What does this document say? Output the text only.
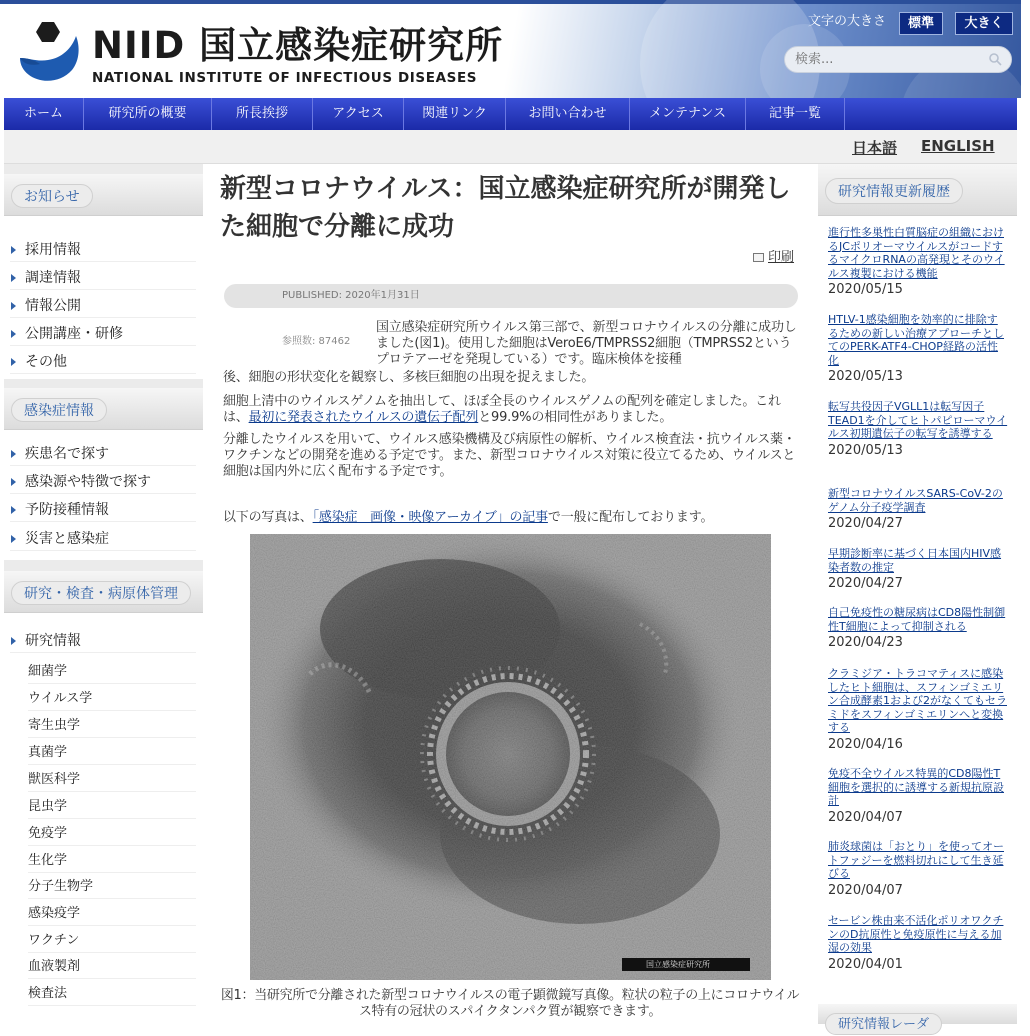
NIID 国立感染症研究所
NATIONAL INSTITUTE OF INFECTIOUS DISEASES
文字の大きさ	標準	大きく
検索...
ホーム	研究所の概要	所長挨拶	アクセス	関連リンク	お問い合わせ	メンテナンス	記事一覧
日本語 ENGLISH
お知らせ
採用情報
調達情報
情報公開
公開講座・研修
その他
感染症情報
疾患名で探す
感染源や特徴で探す
予防接種情報
災害と感染症
研究・検査・病原体管理
研究情報
細菌学
ウイルス学
寄生虫学
真菌学
獣医科学
昆虫学
免疫学
生化学
分子生物学
感染疫学
ワクチン
血液製剤
検査法
新型コロナウイルス：国立感染症研究所が開発した細胞で分離に成功
印刷
PUBLISHED: 2020年1月31日
参照数: 87462

国立感染症研究所ウイルス第三部で、新型コロナウイルスの分離に成功しました(図1)。使用した細胞はVeroE6/TMPRSS2細胞（TMPRSS2というプロテアーゼを発現している）です。臨床検体を接種

後、細胞の形状変化を観察し、多核巨細胞の出現を捉えました。

細胞上清中のウイルスゲノムを抽出して、ほぼ全長のウイルスゲノムの配列を確定しました。これは、最初に発表されたウイルスの遺伝子配列と99.9%の相同性がありました。

分離したウイルスを用いて、ウイルス感染機構及び病原性の解析、ウイルス検査法・抗ウイルス薬・ワクチンなどの開発を進める予定です。また、新型コロナウイルス対策に役立てるため、ウイルスと細胞は国内外に広く配布する予定です。

以下の写真は、「感染症　画像・映像アーカイブ」の記事で一般に配布しております。

国立感染症研究所

図1：当研究所で分離された新型コロナウイルスの電子顕微鏡写真像。粒状の粒子の上にコロナウイルス特有の冠状のスパイクタンパク質が観察できます。

研究情報更新履歴
進行性多巣性白質脳症の組織におけるJCポリオーマウイルスがコードするマイクロRNAの高発現とそのウイルス複製における機能
2020/05/15
HTLV-1感染細胞を効率的に排除するための新しい治療アプローチとしてのPERK-ATF4-CHOP経路の活性化
2020/05/13
転写共役因子VGLL1は転写因子TEAD1を介してヒトパピローマウイルス初期遺伝子の転写を誘導する
2020/05/13
新型コロナウイルスSARS-CoV-2のゲノム分子疫学調査
2020/04/27
早期診断率に基づく日本国内HIV感染者数の推定
2020/04/27
自己免疫性の糖尿病はCD8陽性制御性T細胞によって抑制される
2020/04/23
クラミジア・トラコマティスに感染したヒト細胞は、スフィンゴミエリン合成酵素1および2がなくてもセラミドをスフィンゴミエリンへと変換する
2020/04/16
免疫不全ウイルス特異的CD8陽性T細胞を選択的に誘導する新規抗原設計
2020/04/07
肺炎球菌は「おとり」を使ってオートファジーを燃料切れにして生き延びる
2020/04/07
セービン株由来不活化ポリオワクチンのD抗原性と免疫原性に与える加湿の効果
2020/04/01
研究情報レーダ
